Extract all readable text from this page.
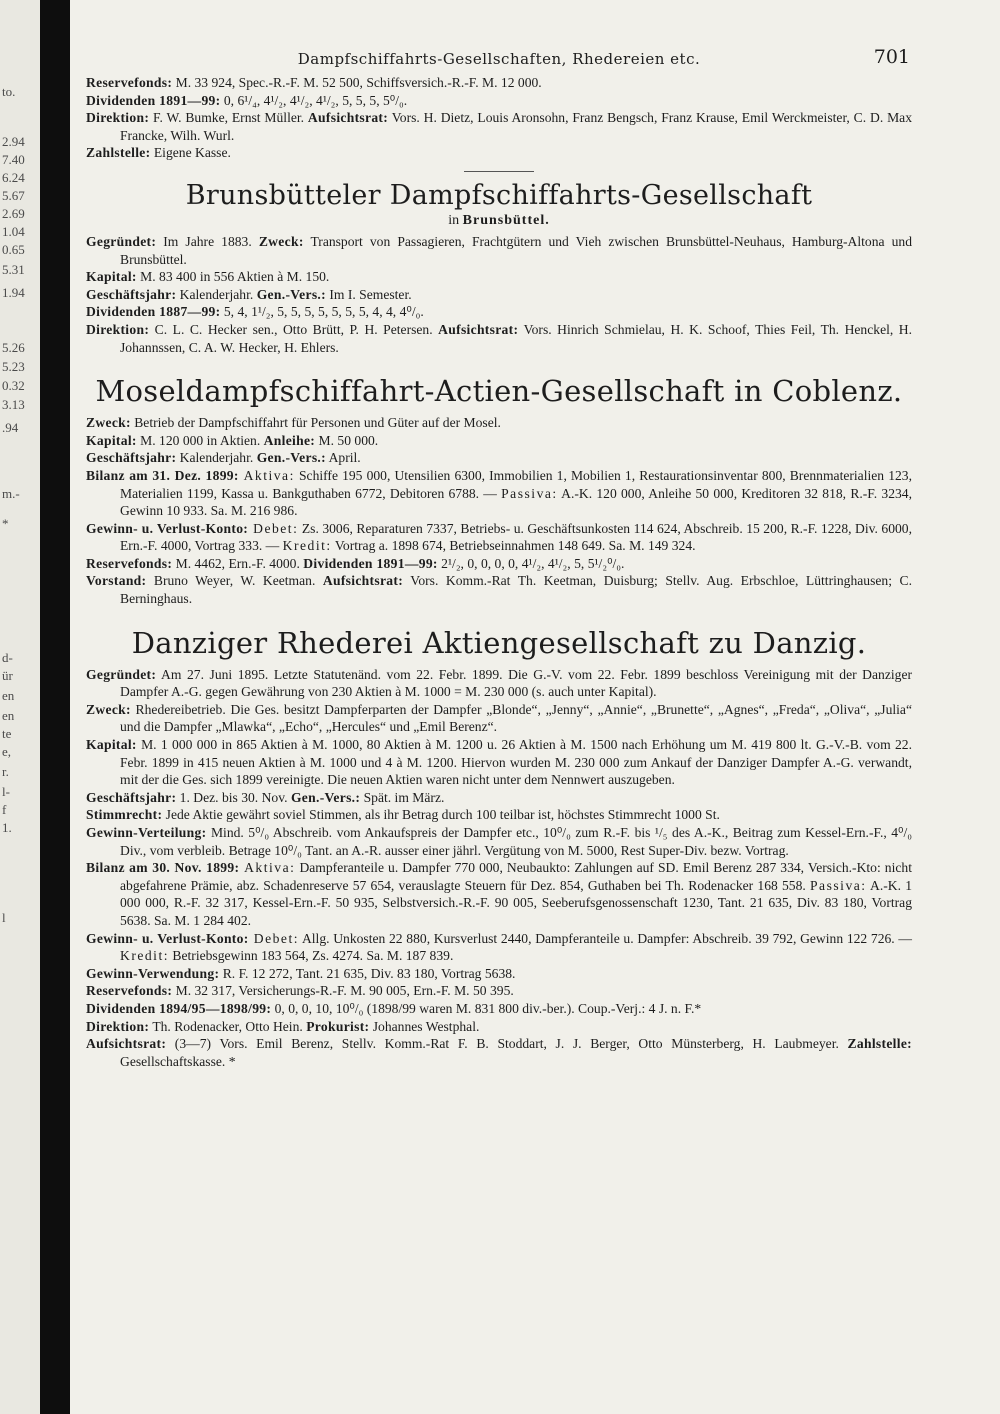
to.
2.94
7.40
6.24
5.67
2.69
1.04
0.65
5.31
1.94
5.26
5.23
0.32
3.13
.94
m.-
*
d-
ür
en
en
te
e,
r.
l-
f
1.
l
Dampfschiffahrts-Gesellschaften, Rhedereien etc.	701

Reservefonds: M. 33 924, Spec.-R.-F. M. 52 500, Schiffsversich.-R.-F. M. 12 000.

Dividenden 1891—99: 0, 6¹/₄, 4¹/₂, 4¹/₂, 4¹/₂, 5, 5, 5, 5⁰/₀.

Direktion: F. W. Bumke, Ernst Müller. Aufsichtsrat: Vors. H. Dietz, Louis Aronsohn, Franz Bengsch, Franz Krause, Emil Werckmeister, C. D. Max Francke, Wilh. Wurl.

Zahlstelle: Eigene Kasse.

Brunsbütteler Dampfschiffahrts-Gesellschaft
in Brunsbüttel.

Gegründet: Im Jahre 1883. Zweck: Transport von Passagieren, Frachtgütern und Vieh zwischen Brunsbüttel-Neuhaus, Hamburg-Altona und Brunsbüttel.

Kapital: M. 83 400 in 556 Aktien à M. 150.

Geschäftsjahr: Kalenderjahr. Gen.-Vers.: Im I. Semester.

Dividenden 1887—99: 5, 4, 1¹/₂, 5, 5, 5, 5, 5, 5, 5, 4, 4, 4⁰/₀.

Direktion: C. L. C. Hecker sen., Otto Brütt, P. H. Petersen. Aufsichtsrat: Vors. Hinrich Schmielau, H. K. Schoof, Thies Feil, Th. Henckel, H. Johannssen, C. A. W. Hecker, H. Ehlers.

Moseldampfschiffahrt-Actien-Gesellschaft in Coblenz.

Zweck: Betrieb der Dampfschiffahrt für Personen und Güter auf der Mosel.

Kapital: M. 120 000 in Aktien. Anleihe: M. 50 000.

Geschäftsjahr: Kalenderjahr. Gen.-Vers.: April.

Bilanz am 31. Dez. 1899: Aktiva: Schiffe 195 000, Utensilien 6300, Immobilien 1, Mobilien 1, Restaurationsinventar 800, Brennmaterialien 123, Materialien 1199, Kassa u. Bankguthaben 6772, Debitoren 6788. — Passiva: A.-K. 120 000, Anleihe 50 000, Kreditoren 32 818, R.-F. 3234, Gewinn 10 933. Sa. M. 216 986.

Gewinn- u. Verlust-Konto: Debet: Zs. 3006, Reparaturen 7337, Betriebs- u. Geschäftsunkosten 114 624, Abschreib. 15 200, R.-F. 1228, Div. 6000, Ern.-F. 4000, Vortrag 333. — Kredit: Vortrag a. 1898 674, Betriebseinnahmen 148 649. Sa. M. 149 324.

Reservefonds: M. 4462, Ern.-F. 4000. Dividenden 1891—99: 2¹/₂, 0, 0, 0, 0, 4¹/₂, 4¹/₂, 5, 5¹/₂⁰/₀.

Vorstand: Bruno Weyer, W. Keetman. Aufsichtsrat: Vors. Komm.-Rat Th. Keetman, Duisburg; Stellv. Aug. Erbschloe, Lüttringhausen; C. Berninghaus.

Danziger Rhederei Aktiengesellschaft zu Danzig.

Gegründet: Am 27. Juni 1895. Letzte Statutenänd. vom 22. Febr. 1899. Die G.-V. vom 22. Febr. 1899 beschloss Vereinigung mit der Danziger Dampfer A.-G. gegen Gewährung von 230 Aktien à M. 1000 = M. 230 000 (s. auch unter Kapital).

Zweck: Rhedereibetrieb. Die Ges. besitzt Dampferparten der Dampfer „Blonde“, „Jenny“, „Annie“, „Brunette“, „Agnes“, „Freda“, „Oliva“, „Julia“ und die Dampfer „Mlawka“, „Echo“, „Hercules“ und „Emil Berenz“.

Kapital: M. 1 000 000 in 865 Aktien à M. 1000, 80 Aktien à M. 1200 u. 26 Aktien à M. 1500 nach Erhöhung um M. 419 800 lt. G.-V.-B. vom 22. Febr. 1899 in 415 neuen Aktien à M. 1000 und 4 à M. 1200. Hiervon wurden M. 230 000 zum Ankauf der Danziger Dampfer A.-G. verwandt, mit der die Ges. sich 1899 vereinigte. Die neuen Aktien waren nicht unter dem Nennwert auszugeben.

Geschäftsjahr: 1. Dez. bis 30. Nov. Gen.-Vers.: Spät. im März.

Stimmrecht: Jede Aktie gewährt soviel Stimmen, als ihr Betrag durch 100 teilbar ist, höchstes Stimmrecht 1000 St.

Gewinn-Verteilung: Mind. 5⁰/₀ Abschreib. vom Ankaufspreis der Dampfer etc., 10⁰/₀ zum R.-F. bis ¹/₅ des A.-K., Beitrag zum Kessel-Ern.-F., 4⁰/₀ Div., vom verbleib. Betrage 10⁰/₀ Tant. an A.-R. ausser einer jährl. Vergütung von M. 5000, Rest Super-Div. bezw. Vortrag.

Bilanz am 30. Nov. 1899: Aktiva: Dampferanteile u. Dampfer 770 000, Neubaukto: Zahlungen auf SD. Emil Berenz 287 334, Versich.-Kto: nicht abgefahrene Prämie, abz. Schadenreserve 57 654, verauslagte Steuern für Dez. 854, Guthaben bei Th. Rodenacker 168 558. Passiva: A.-K. 1 000 000, R.-F. 32 317, Kessel-Ern.-F. 50 935, Selbstversich.-R.-F. 90 005, Seeberufsgenossenschaft 1230, Tant. 21 635, Div. 83 180, Vortrag 5638. Sa. M. 1 284 402.

Gewinn- u. Verlust-Konto: Debet: Allg. Unkosten 22 880, Kursverlust 2440, Dampferanteile u. Dampfer: Abschreib. 39 792, Gewinn 122 726. — Kredit: Betriebsgewinn 183 564, Zs. 4274. Sa. M. 187 839.

Gewinn-Verwendung: R. F. 12 272, Tant. 21 635, Div. 83 180, Vortrag 5638.

Reservefonds: M. 32 317, Versicherungs-R.-F. M. 90 005, Ern.-F. M. 50 395.

Dividenden 1894/95—1898/99: 0, 0, 0, 10, 10⁰/₀ (1898/99 waren M. 831 800 div.-ber.). Coup.-Verj.: 4 J. n. F.*

Direktion: Th. Rodenacker, Otto Hein. Prokurist: Johannes Westphal.

Aufsichtsrat: (3—7) Vors. Emil Berenz, Stellv. Komm.-Rat F. B. Stoddart, J. J. Berger, Otto Münsterberg, H. Laubmeyer. Zahlstelle: Gesellschaftskasse. *
